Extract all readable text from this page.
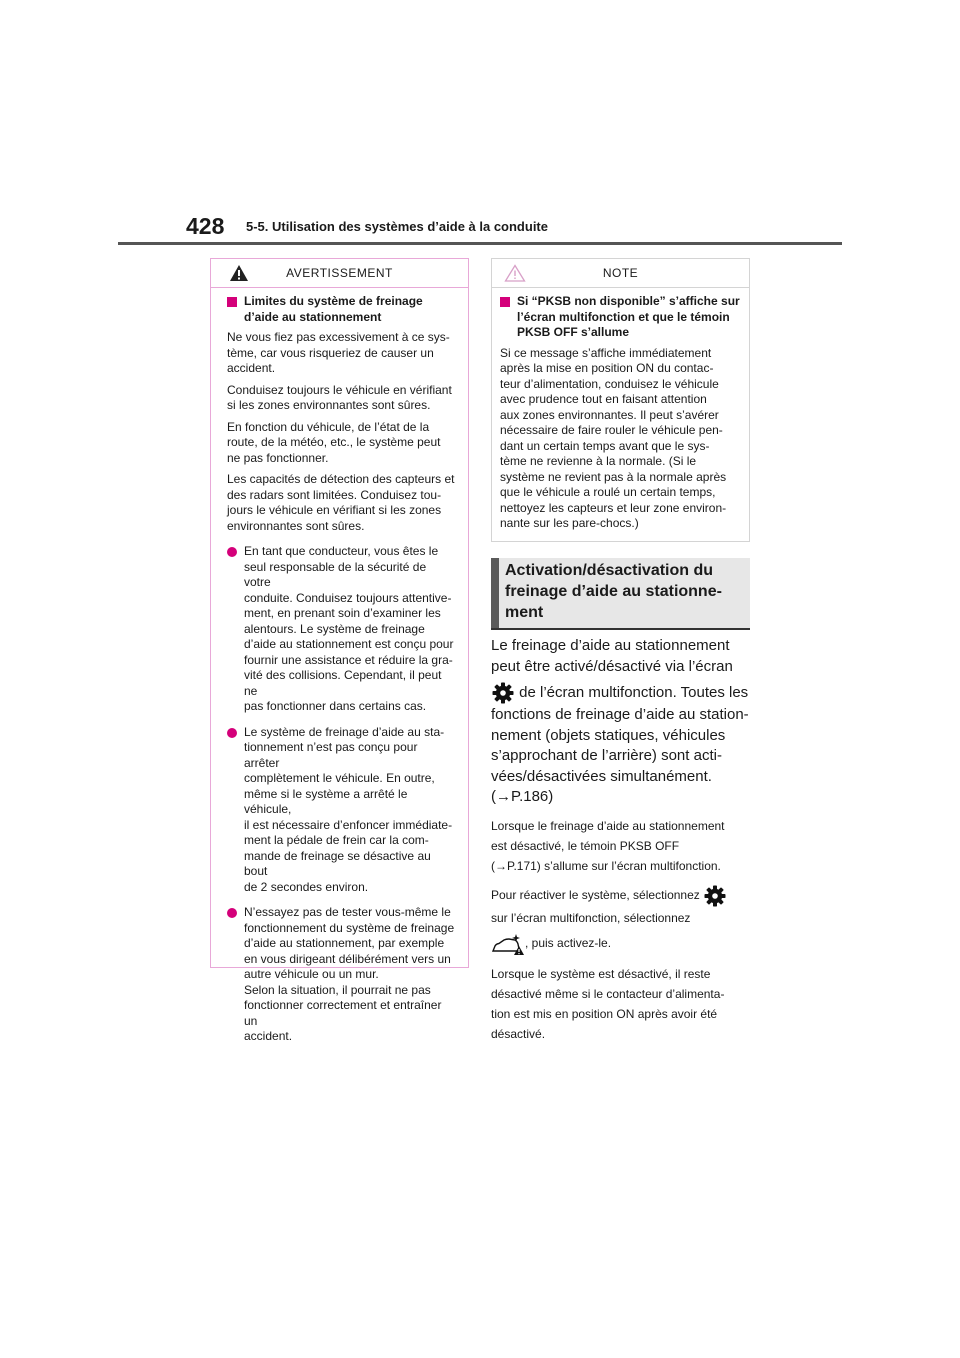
428 5-5. Utilisation des systèmes d’aide à la conduite
AVERTISSEMENT
Limites du système de freinage d’aide au stationnement
Ne vous fiez pas excessivement à ce sys-
tème, car vous risqueriez de causer un
accident.
Conduisez toujours le véhicule en vérifiant
si les zones environnantes sont sûres.
En fonction du véhicule, de l’état de la
route, de la météo, etc., le système peut
ne pas fonctionner.
Les capacités de détection des capteurs et
des radars sont limitées. Conduisez tou-
jours le véhicule en vérifiant si les zones
environnantes sont sûres.
En tant que conducteur, vous êtes le
seul responsable de la sécurité de votre
conduite. Conduisez toujours attentive-
ment, en prenant soin d’examiner les
alentours. Le système de freinage
d’aide au stationnement est conçu pour
fournir une assistance et réduire la gra-
vité des collisions. Cependant, il peut ne
pas fonctionner dans certains cas.
Le système de freinage d’aide au sta-
tionnement n’est pas conçu pour arrêter
complètement le véhicule. En outre,
même si le système a arrêté le véhicule,
il est nécessaire d’enfoncer immédiate-
ment la pédale de frein car la com-
mande de freinage se désactive au bout
de 2 secondes environ.
N’essayez pas de tester vous-même le
fonctionnement du système de freinage
d’aide au stationnement, par exemple
en vous dirigeant délibérément vers un
autre véhicule ou un mur.
Selon la situation, il pourrait ne pas
fonctionner correctement et entraîner un
accident.
NOTE
Si “PKSB non disponible” s’affiche sur l’écran multifonction et que le témoin PKSB OFF s’allume
Si ce message s’affiche immédiatement
après la mise en position ON du contac-
teur d’alimentation, conduisez le véhicule
avec prudence tout en faisant attention
aux zones environnantes. Il peut s’avérer
nécessaire de faire rouler le véhicule pen-
dant un certain temps avant que le sys-
tème ne revienne à la normale. (Si le
système ne revient pas à la normale après
que le véhicule a roulé un certain temps,
nettoyez les capteurs et leur zone environ-
nante sur les pare-chocs.)
Activation/désactivation du
freinage d’aide au stationne-
ment
Le freinage d’aide au stationnement
peut être activé/désactivé via l’écran
de l’écran multifonction. Toutes les
fonctions de freinage d’aide au station-
nement (objets statiques, véhicules
s’approchant de l’arrière) sont acti-
vées/désactivées simultanément.
(→P.186)
Lorsque le freinage d’aide au stationnement
est désactivé, le témoin PKSB OFF
(→P.171) s’allume sur l’écran multifonction.
Pour réactiver le système, sélectionnez
sur l’écran multifonction, sélectionnez
, puis activez-le.
Lorsque le système est désactivé, il reste
désactivé même si le contacteur d’alimenta-
tion est mis en position ON après avoir été
désactivé.
